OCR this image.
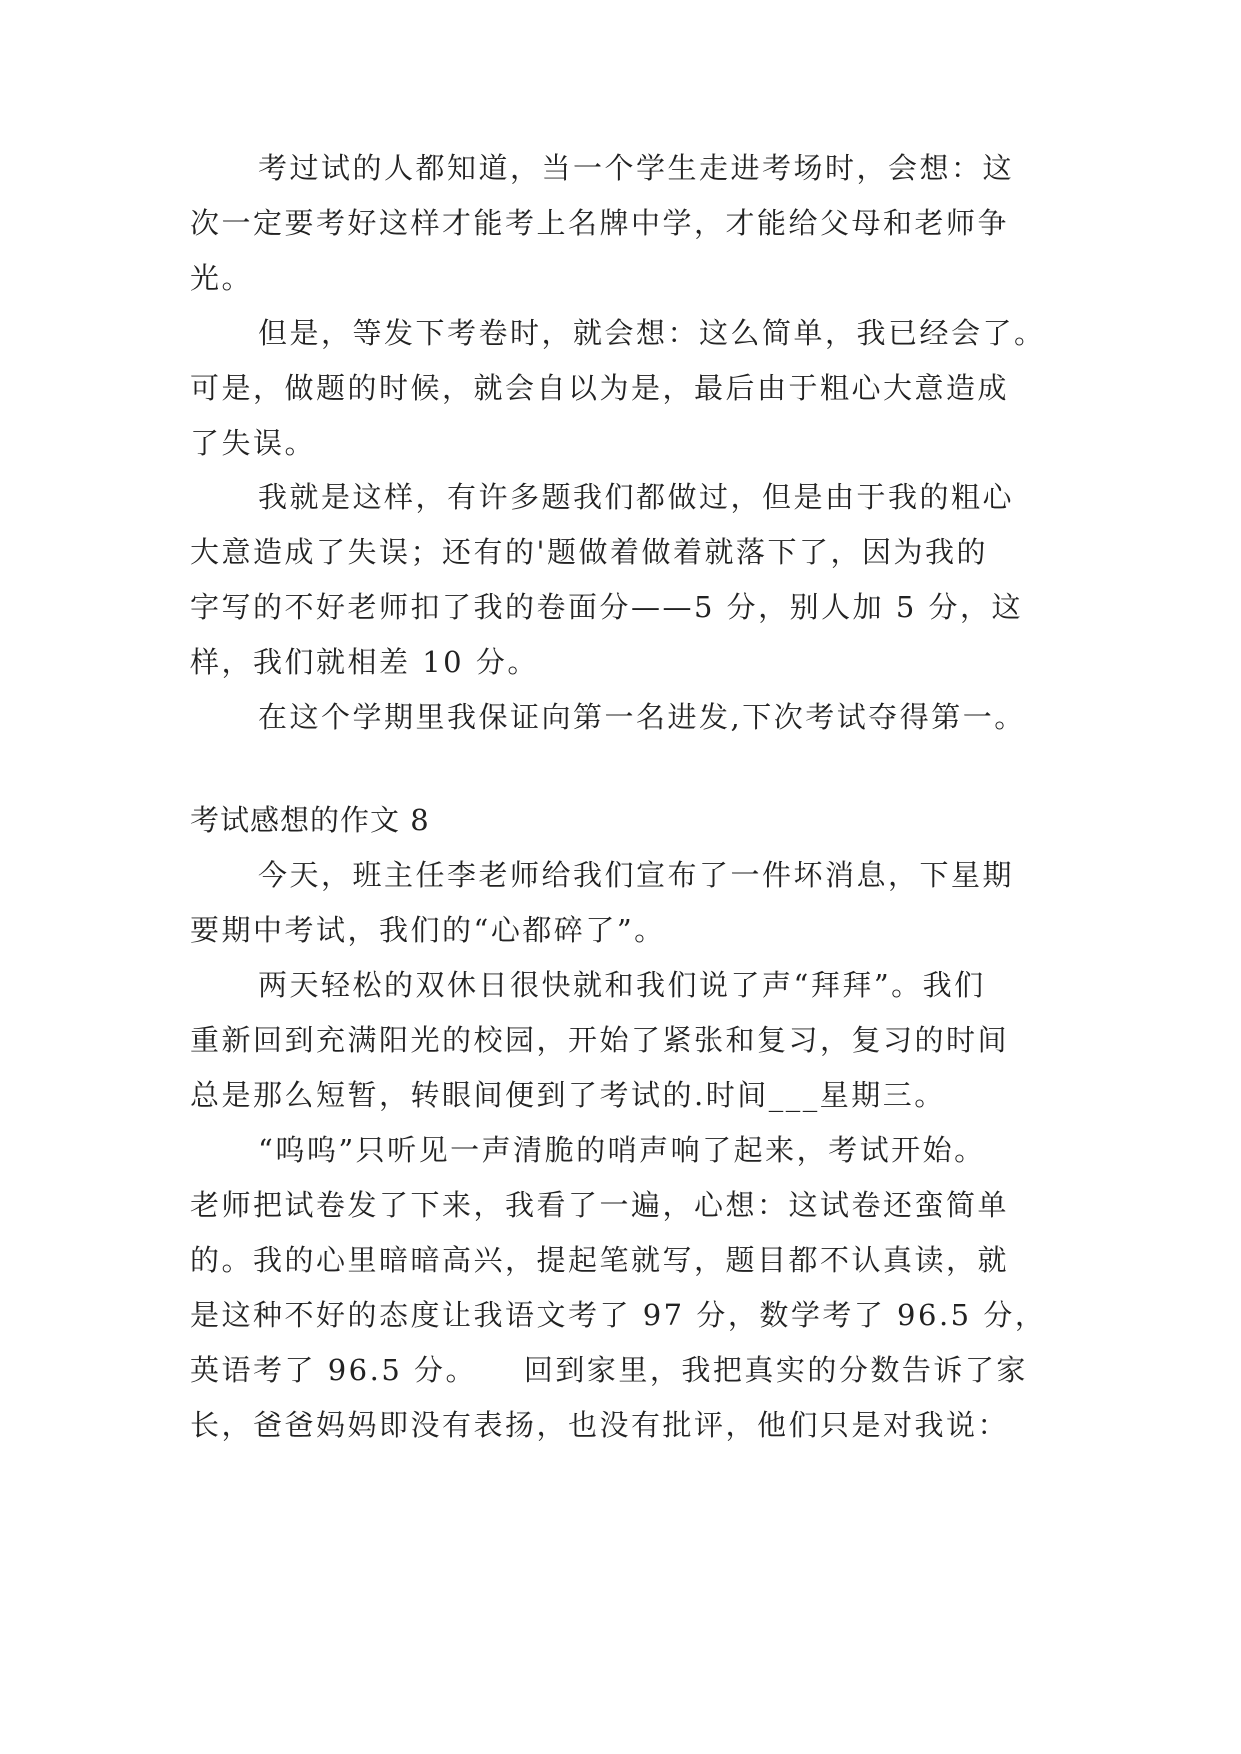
考过试的人都知道，当一个学生走进考场时，会想：这
次一定要考好这样才能考上名牌中学，才能给父母和老师争
光。
但是，等发下考卷时，就会想：这么简单，我已经会了。
可是，做题的时候，就会自以为是，最后由于粗心大意造成
了失误。
我就是这样，有许多题我们都做过，但是由于我的粗心
大意造成了失误；还有的'题做着做着就落下了，因为我的
字写的不好老师扣了我的卷面分——5 分，别人加 5 分，这
样，我们就相差 10 分。
在这个学期里我保证向第一名进发,下次考试夺得第一。
考试感想的作文 8
今天，班主任李老师给我们宣布了一件坏消息，下星期
要期中考试，我们的“心都碎了”。
两天轻松的双休日很快就和我们说了声“拜拜”。我们
重新回到充满阳光的校园，开始了紧张和复习，复习的时间
总是那么短暂，转眼间便到了考试的.时间___星期三。
“呜呜”只听见一声清脆的哨声响了起来，考试开始。
老师把试卷发了下来，我看了一遍，心想：这试卷还蛮简单
的。我的心里暗暗高兴，提起笔就写，题目都不认真读，就
是这种不好的态度让我语文考了 97 分，数学考了 96.5 分，
英语考了 96.5 分。    回到家里，我把真实的分数告诉了家
长，爸爸妈妈即没有表扬，也没有批评，他们只是对我说：
